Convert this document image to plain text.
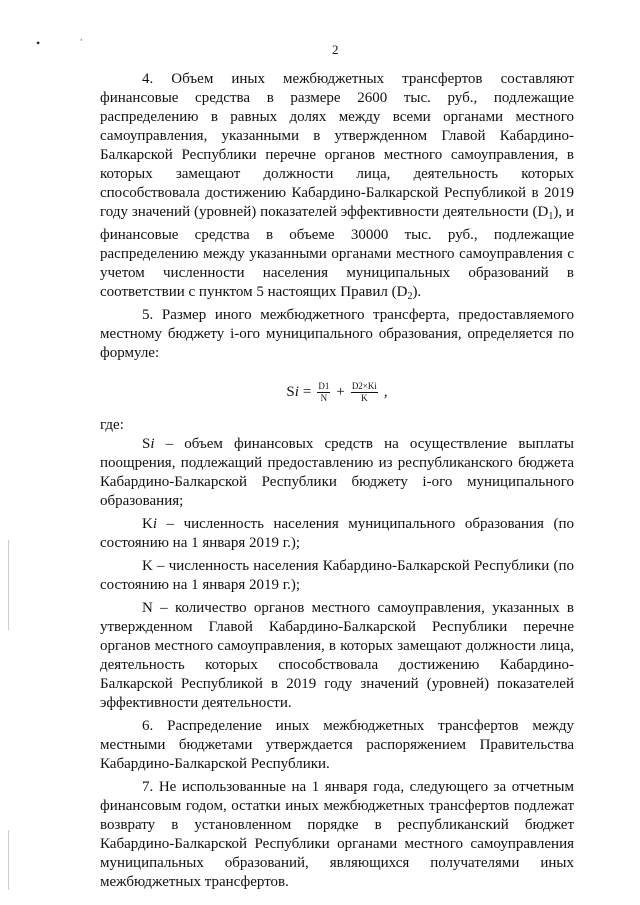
• ˙	2

4. Объем иных межбюджетных трансфертов составляют финансовые средства в размере 2600 тыс. руб., подлежащие распределению в равных долях между всеми органами местного самоуправления, указанными в утвержденном Главой Кабардино-Балкарской Республики перечне органов местного самоуправления, в которых замещают должности лица, деятельность которых способствовала достижению Кабардино-Балкарской Республикой в 2019 году значений (уровней) показателей эффективности деятельности $(D_1)$, и финансовые средства в объеме 30000 тыс. руб., подлежащие распределению между указанными органами местного самоуправления с учетом численности населения муниципальных образований в соответствии с пунктом 5 настоящих Правил $(D_2)$.

5. Размер иного межбюджетного трансферта, предоставляемого местному бюджету i-ого муниципального образования, определяется по формуле:

$Si = \frac{D1}{N} + \frac{D2\times Ki}{K}$ ,

где:

Si – объем финансовых средств на осуществление выплаты поощрения, подлежащий предоставлению из республиканского бюджета Кабардино-Балкарской Республики бюджету i-ого муниципального образования;

Ki – численность населения муниципального образования (по состоянию на 1 января 2019 г.);

K – численность населения Кабардино-Балкарской Республики (по состоянию на 1 января 2019 г.);

N – количество органов местного самоуправления, указанных в утвержденном Главой Кабардино-Балкарской Республики перечне органов местного самоуправления, в которых замещают должности лица, деятельность которых способствовала достижению Кабардино-Балкарской Республикой в 2019 году значений (уровней) показателей эффективности деятельности.

6. Распределение иных межбюджетных трансфертов между местными бюджетами утверждается распоряжением Правительства Кабардино-Балкарской Республики.

7. Не использованные на 1 января года, следующего за отчетным финансовым годом, остатки иных межбюджетных трансфертов подлежат возврату в установленном порядке в республиканский бюджет Кабардино-Балкарской Республики органами местного самоуправления муниципальных образований, являющихся получателями иных межбюджетных трансфертов.
